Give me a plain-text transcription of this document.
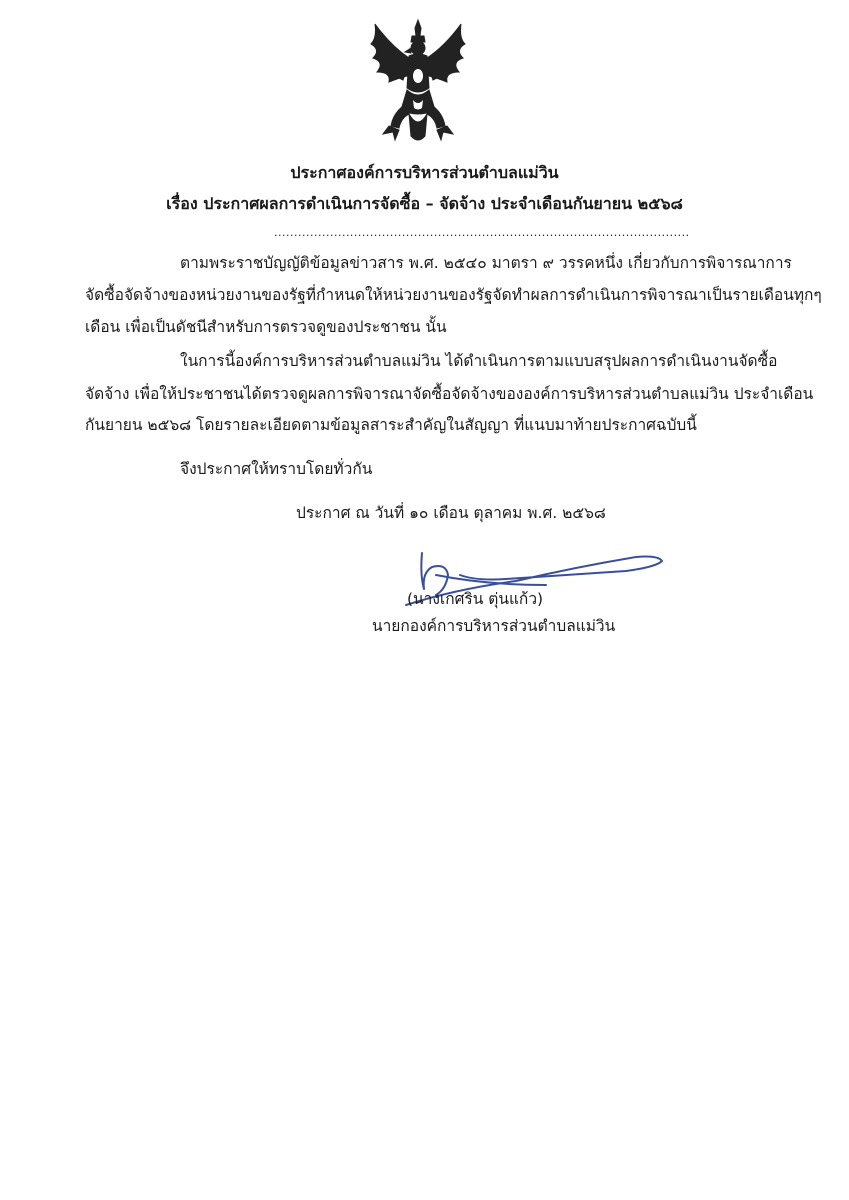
ประกาศองค์การบริหารส่วนตำบลแม่วิน
เรื่อง ประกาศผลการดำเนินการจัดซื้อ – จัดจ้าง ประจำเดือนกันยายน ๒๕๖๘
........................................................................................................
ตามพระราชบัญญัติข้อมูลข่าวสาร พ.ศ. ๒๕๔๐ มาตรา ๙ วรรคหนึ่ง เกี่ยวกับการพิจารณาการ
จัดซื้อจัดจ้างของหน่วยงานของรัฐที่กำหนดให้หน่วยงานของรัฐจัดทำผลการดำเนินการพิจารณาเป็นรายเดือนทุกๆ
เดือน เพื่อเป็นดัชนีสำหรับการตรวจดูของประชาชน นั้น
ในการนี้องค์การบริหารส่วนตำบลแม่วิน ได้ดำเนินการตามแบบสรุปผลการดำเนินงานจัดซื้อ
จัดจ้าง เพื่อให้ประชาชนได้ตรวจดูผลการพิจารณาจัดซื้อจัดจ้างขององค์การบริหารส่วนตำบลแม่วิน ประจำเดือน
กันยายน ๒๕๖๘ โดยรายละเอียดตามข้อมูลสาระสำคัญในสัญญา ที่แนบมาท้ายประกาศฉบับนี้
จึงประกาศให้ทราบโดยทั่วกัน
ประกาศ ณ วันที่ ๑๐ เดือน ตุลาคม พ.ศ. ๒๕๖๘
(นางเกศริน ตุ่นแก้ว)
นายกองค์การบริหารส่วนตำบลแม่วิน
